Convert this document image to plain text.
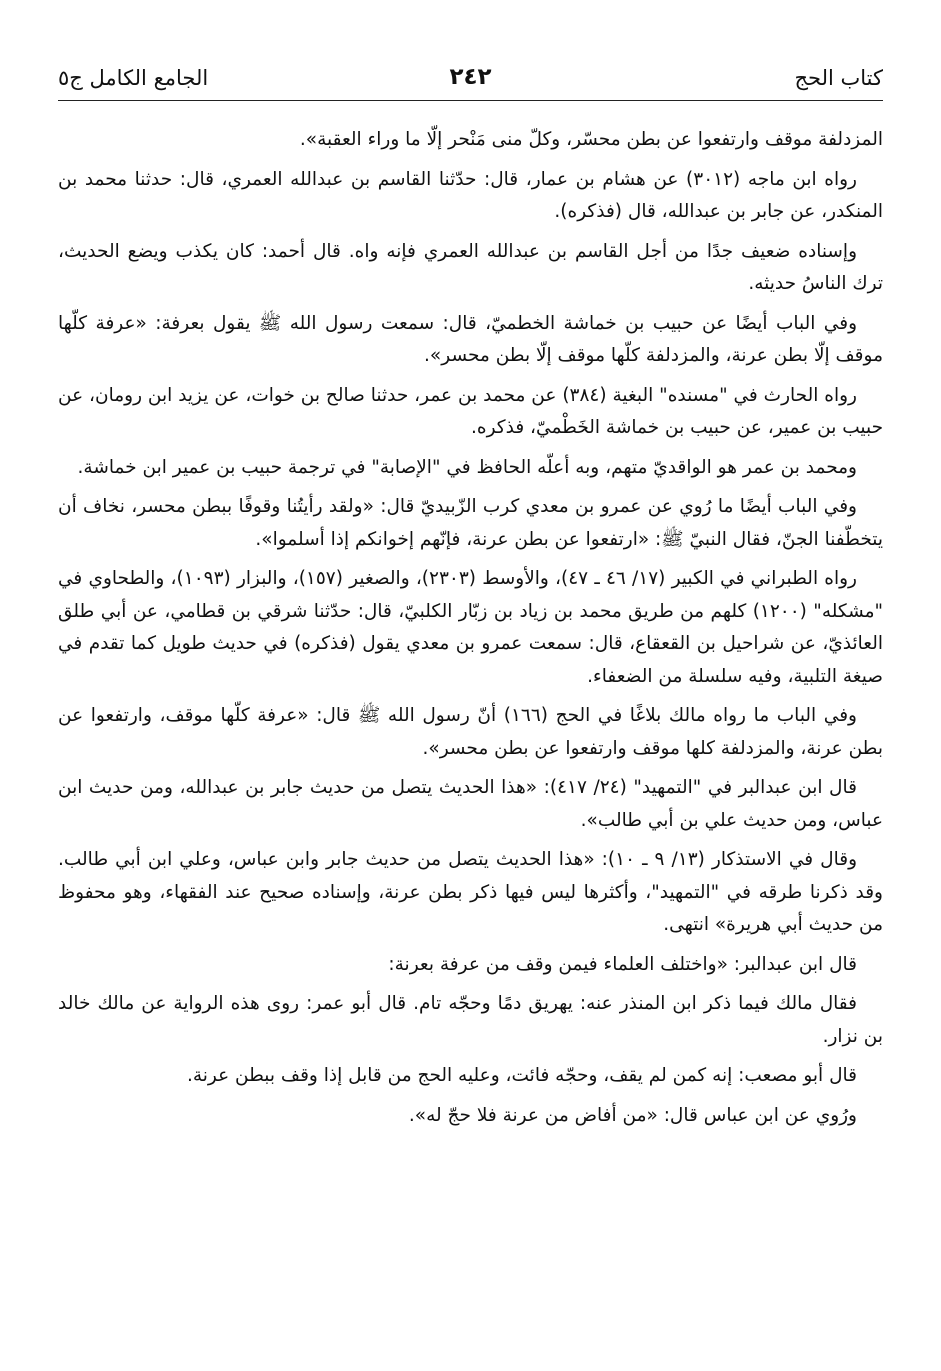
كتاب الحج
٢٤٢
الجامع الكامل ج٥

المزدلفة موقف وارتفعوا عن بطن محسّر، وكلّ منى مَنْحر إلّا ما وراء العقبة».

رواه ابن ماجه (٣٠١٢) عن هشام بن عمار، قال: حدّثنا القاسم بن عبدالله العمري، قال: حدثنا محمد بن المنكدر، عن جابر بن عبدالله، قال (فذكره).

وإسناده ضعيف جدًا من أجل القاسم بن عبدالله العمري فإنه واه. قال أحمد: كان يكذب ويضع الحديث، ترك الناسُ حديثه.

وفي الباب أيضًا عن حبيب بن خماشة الخطميّ، قال: سمعت رسول الله ﷺ يقول بعرفة: «عرفة كلّها موقف إلّا بطن عرنة، والمزدلفة كلّها موقف إلّا بطن محسر».

رواه الحارث في "مسنده" البغية (٣٨٤) عن محمد بن عمر، حدثنا صالح بن خوات، عن يزيد ابن رومان، عن حبيب بن عمير، عن حبيب بن خماشة الخَطْميّ، فذكره.

ومحمد بن عمر هو الواقديّ متهم، وبه أعلّه الحافظ في "الإصابة" في ترجمة حبيب بن عمير ابن خماشة.

وفي الباب أيضًا ما رُوي عن عمرو بن معدي كرب الزّبيديّ قال: «ولقد رأيتُنا وقوفًا ببطن محسر، نخاف أن يتخطّفنا الجنّ، فقال النبيّ ﷺ: «ارتفعوا عن بطن عرنة، فإنّهم إخوانكم إذا أسلموا».

رواه الطبراني في الكبير (١٧/ ٤٦ ـ ٤٧)، والأوسط (٢٣٠٣)، والصغير (١٥٧)، والبزار (١٠٩٣)، والطحاوي في "مشكله" (١٢٠٠) كلهم من طريق محمد بن زياد بن زبّار الكلبيّ، قال: حدّثنا شرقي بن قطامي، عن أبي طلق العائذيّ، عن شراحيل بن القعقاع، قال: سمعت عمرو بن معدي يقول (فذكره) في حديث طويل كما تقدم في صيغة التلبية، وفيه سلسلة من الضعفاء.

وفي الباب ما رواه مالك بلاغًا في الحج (١٦٦) أنّ رسول الله ﷺ قال: «عرفة كلّها موقف، وارتفعوا عن بطن عرنة، والمزدلفة كلها موقف وارتفعوا عن بطن محسر».

قال ابن عبدالبر في "التمهيد" (٢٤/ ٤١٧): «هذا الحديث يتصل من حديث جابر بن عبدالله، ومن حديث ابن عباس، ومن حديث علي بن أبي طالب».

وقال في الاستذكار (١٣/ ٩ ـ ١٠): «هذا الحديث يتصل من حديث جابر وابن عباس، وعلي ابن أبي طالب. وقد ذكرنا طرقه في "التمهيد"، وأكثرها ليس فيها ذكر بطن عرنة، وإسناده صحيح عند الفقهاء، وهو محفوظ من حديث أبي هريرة» انتهى.

قال ابن عبدالبر: «واختلف العلماء فيمن وقف من عرفة بعرنة:

فقال مالك فيما ذكر ابن المنذر عنه: يهريق دمًا وحجّه تام. قال أبو عمر: روى هذه الرواية عن مالك خالد بن نزار.

قال أبو مصعب: إنه كمن لم يقف، وحجّه فائت، وعليه الحج من قابل إذا وقف ببطن عرنة.

ورُوي عن ابن عباس قال: «من أفاض من عرنة فلا حجّ له».
